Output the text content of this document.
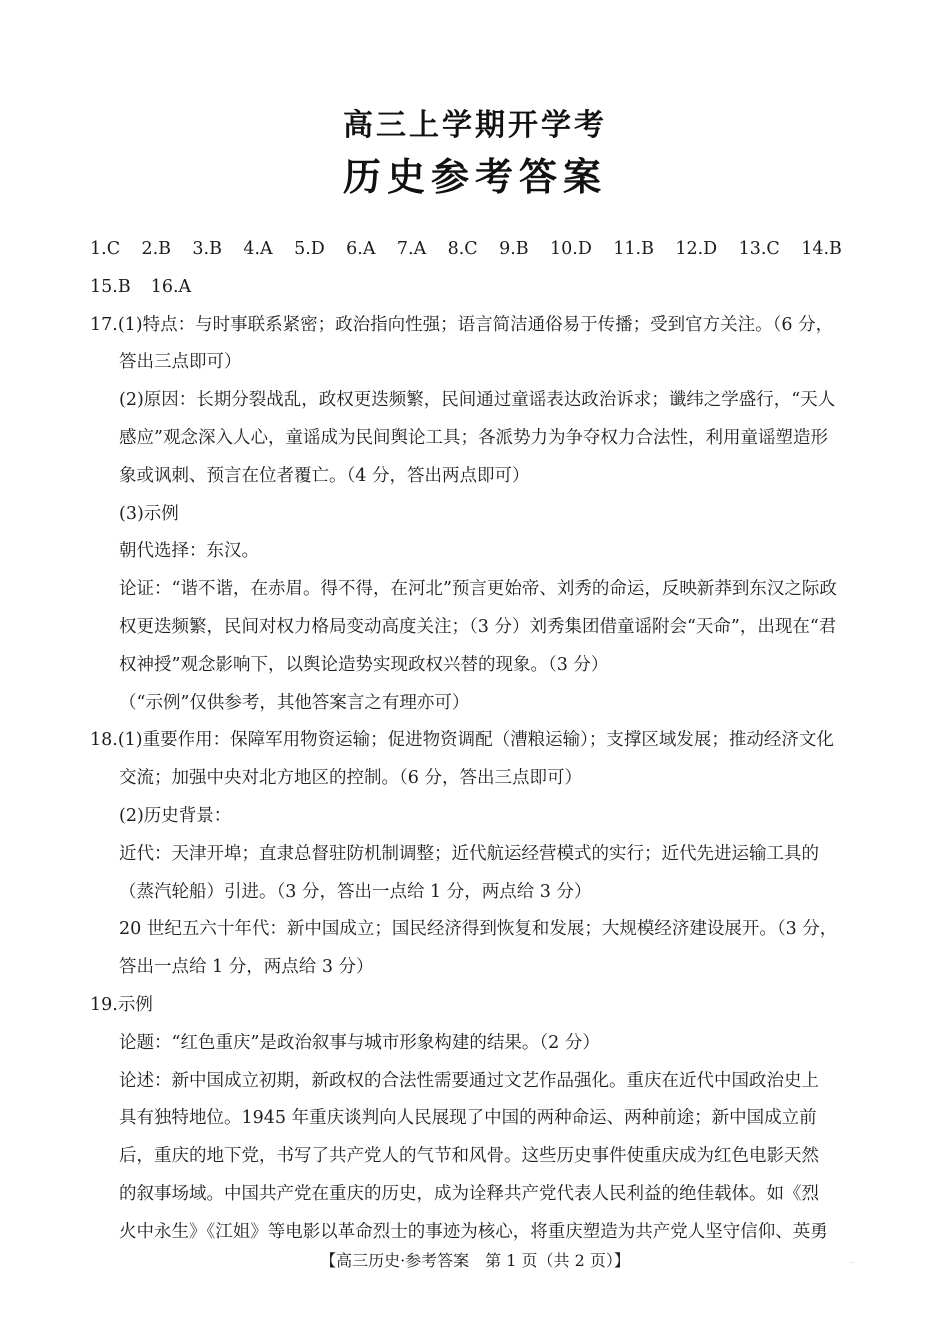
高三上学期开学考
历史参考答案
1.C 2.B 3.B 4.A 5.D 6.A 7.A 8.C 9.B 10.D 11.B 12.D 13.C 14.B
15.B 16.A
17.(1)特点：与时事联系紧密；政治指向性强；语言简洁通俗易于传播；受到官方关注。（6 分，
答出三点即可）
(2)原因：长期分裂战乱，政权更迭频繁，民间通过童谣表达政治诉求；谶纬之学盛行，“天人
感应”观念深入人心，童谣成为民间舆论工具；各派势力为争夺权力合法性，利用童谣塑造形
象或讽刺、预言在位者覆亡。（4 分，答出两点即可）
(3)示例
朝代选择：东汉。
论证：“谐不谐，在赤眉。得不得，在河北”预言更始帝、刘秀的命运，反映新莽到东汉之际政
权更迭频繁，民间对权力格局变动高度关注；（3 分）刘秀集团借童谣附会“天命”，出现在“君
权神授”观念影响下，以舆论造势实现政权兴替的现象。（3 分）
（“示例”仅供参考，其他答案言之有理亦可）
18.(1)重要作用：保障军用物资运输；促进物资调配（漕粮运输）；支撑区域发展；推动经济文化
交流；加强中央对北方地区的控制。（6 分，答出三点即可）
(2)历史背景：
近代：天津开埠；直隶总督驻防机制调整；近代航运经营模式的实行；近代先进运输工具的
（蒸汽轮船）引进。（3 分，答出一点给 1 分，两点给 3 分）
20 世纪五六十年代：新中国成立；国民经济得到恢复和发展；大规模经济建设展开。（3 分，
答出一点给 1 分，两点给 3 分）
19.示例
论题：“红色重庆”是政治叙事与城市形象构建的结果。（2 分）
论述：新中国成立初期，新政权的合法性需要通过文艺作品强化。重庆在近代中国政治史上
具有独特地位。1945 年重庆谈判向人民展现了中国的两种命运、两种前途；新中国成立前
后，重庆的地下党，书写了共产党人的气节和风骨。这些历史事件使重庆成为红色电影天然
的叙事场域。中国共产党在重庆的历史，成为诠释共产党代表人民利益的绝佳载体。如《烈
火中永生》《江姐》等电影以革命烈士的事迹为核心，将重庆塑造为共产党人坚守信仰、英勇
【高三历史·参考答案　第 1 页（共 2 页）】	..
